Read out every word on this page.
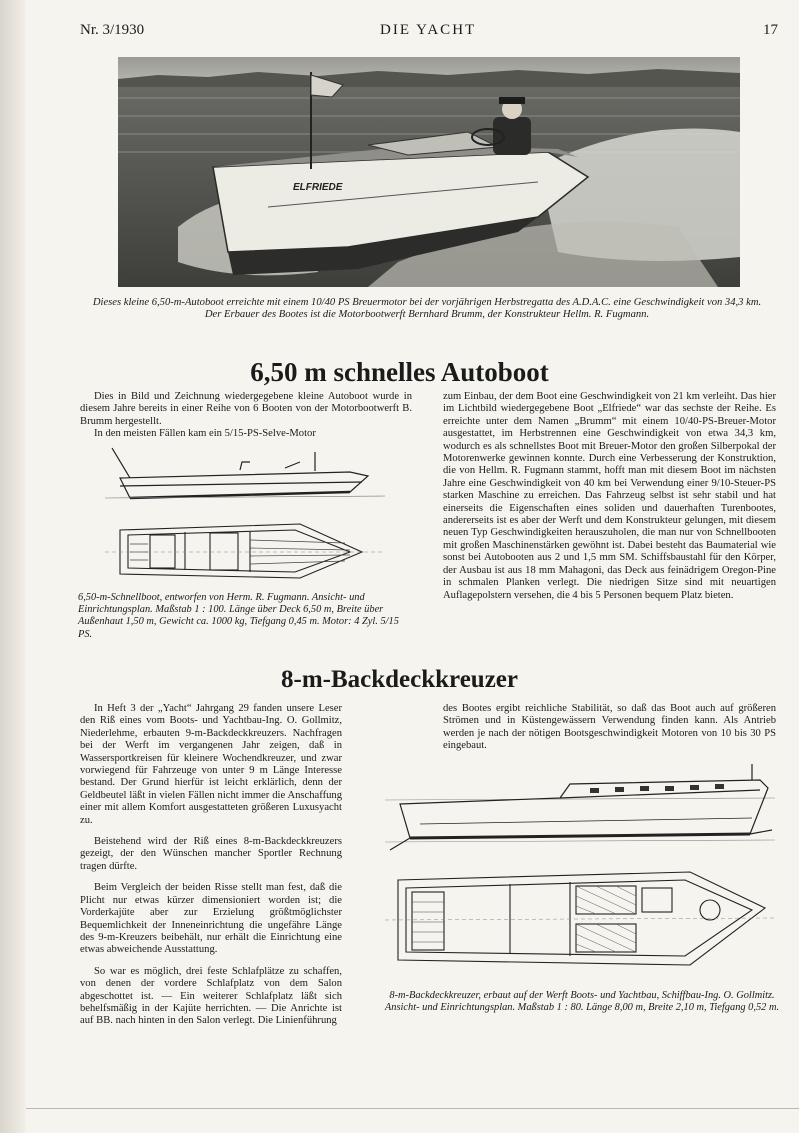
Nr. 3/1930	DIE YACHT	17
ELFRIEDE
Dieses kleine 6,50-m-Autoboot erreichte mit einem 10/40 PS Breuermotor bei der vorjährigen Herbstregatta des A.D.A.C. eine Geschwindigkeit von 34,3 km. Der Erbauer des Bootes ist die Motorbootwerft Bernhard Brumm, der Konstrukteur Hellm. R. Fugmann.
6,50 m schnelles Autoboot

Dies in Bild und Zeichnung wiedergegebene kleine Autoboot wurde in diesem Jahre bereits in einer Reihe von 6 Booten von der Motorbootwerft B. Brumm hergestellt.

In den meisten Fällen kam ein 5/15-PS-Selve-Motor

6,50-m-Schnellboot, entworfen von Herm. R. Fugmann. Ansicht- und Einrichtungsplan. Maßstab 1 : 100. Länge über Deck 6,50 m, Breite über Außenhaut 1,50 m, Gewicht ca. 1000 kg, Tiefgang 0,45 m. Motor: 4 Zyl. 5/15 PS.

zum Einbau, der dem Boot eine Geschwindigkeit von 21 km verleiht. Das hier im Lichtbild wiedergegebene Boot „Elfriede“ war das sechste der Reihe. Es erreichte unter dem Namen „Brumm“ mit einem 10/40-PS-Breuer-Motor ausgestattet, im Herbstrennen eine Geschwindigkeit von etwa 34,3 km, wodurch es als schnellstes Boot mit Breuer-Motor den großen Silberpokal der Motorenwerke gewinnen konnte. Durch eine Verbesserung der Konstruktion, die von Hellm. R. Fugmann stammt, hofft man mit diesem Boot im nächsten Jahre eine Geschwindigkeit von 40 km bei Verwendung einer 9/10-Steuer-PS starken Maschine zu erreichen. Das Fahrzeug selbst ist sehr stabil und hat einerseits die Eigenschaften eines soliden und dauerhaften Turenbootes, andererseits ist es aber der Werft und dem Konstrukteur gelungen, mit diesem neuen Typ Geschwindigkeiten herauszuholen, die man nur von Schnellbooten mit großen Maschinenstärken gewöhnt ist. Dabei besteht das Baumaterial wie sonst bei Autobooten aus 2 und 1,5 mm SM. Schiffsbaustahl für den Körper, der Ausbau ist aus 18 mm Mahagoni, das Deck aus feinädrigem Oregon-Pine in schmalen Planken verlegt. Die niedrigen Sitze sind mit neuartigen Auflagepolstern versehen, die 4 bis 5 Personen bequem Platz bieten.

8-m-Backdeckkreuzer

In Heft 3 der „Yacht“ Jahrgang 29 fanden unsere Leser den Riß eines vom Boots- und Yachtbau-Ing. O. Gollmitz, Niederlehme, erbauten 9-m-Backdeckkreuzers. Nachfragen bei der Werft im vergangenen Jahr zeigen, daß in Wassersportkreisen für kleinere Wochendkreuzer, und zwar vorwiegend für Fahrzeuge von unter 9 m Länge Interesse bestand. Der Grund hierfür ist leicht erklärlich, denn der Geldbeutel läßt in vielen Fällen nicht immer die Anschaffung einer mit allem Komfort ausgestatteten größeren Luxusyacht zu.

Beistehend wird der Riß eines 8-m-Backdeckkreuzers gezeigt, der den Wünschen mancher Sportler Rechnung tragen dürfte.

Beim Vergleich der beiden Risse stellt man fest, daß die Plicht nur etwas kürzer dimensioniert worden ist; die Vorderkajüte aber zur Erzielung größtmöglichster Bequemlichkeit der Inneneinrichtung die ungefähre Länge des 9-m-Kreuzers beibehält, nur erhält die Einrichtung eine etwas abweichende Ausstattung.

So war es möglich, drei feste Schlafplätze zu schaffen, von denen der vordere Schlafplatz von dem Salon abgeschottet ist. — Ein weiterer Schlafplatz läßt sich behelfsmäßig in der Kajüte herrichten. — Die Anrichte ist auf BB. nach hinten in den Salon verlegt. Die Linienführung

des Bootes ergibt reichliche Stabilität, so daß das Boot auch auf größeren Strömen und in Küstengewässern Verwendung finden kann. Als Antrieb werden je nach der nötigen Bootsgeschwindigkeit Motoren von 10 bis 30 PS eingebaut.

8-m-Backdeckkreuzer, erbaut auf der Werft Boots- und Yachtbau, Schiffbau-Ing. O. Gollmitz. Ansicht- und Einrichtungsplan. Maßstab 1 : 80. Länge 8,00 m, Breite 2,10 m, Tiefgang 0,52 m.
